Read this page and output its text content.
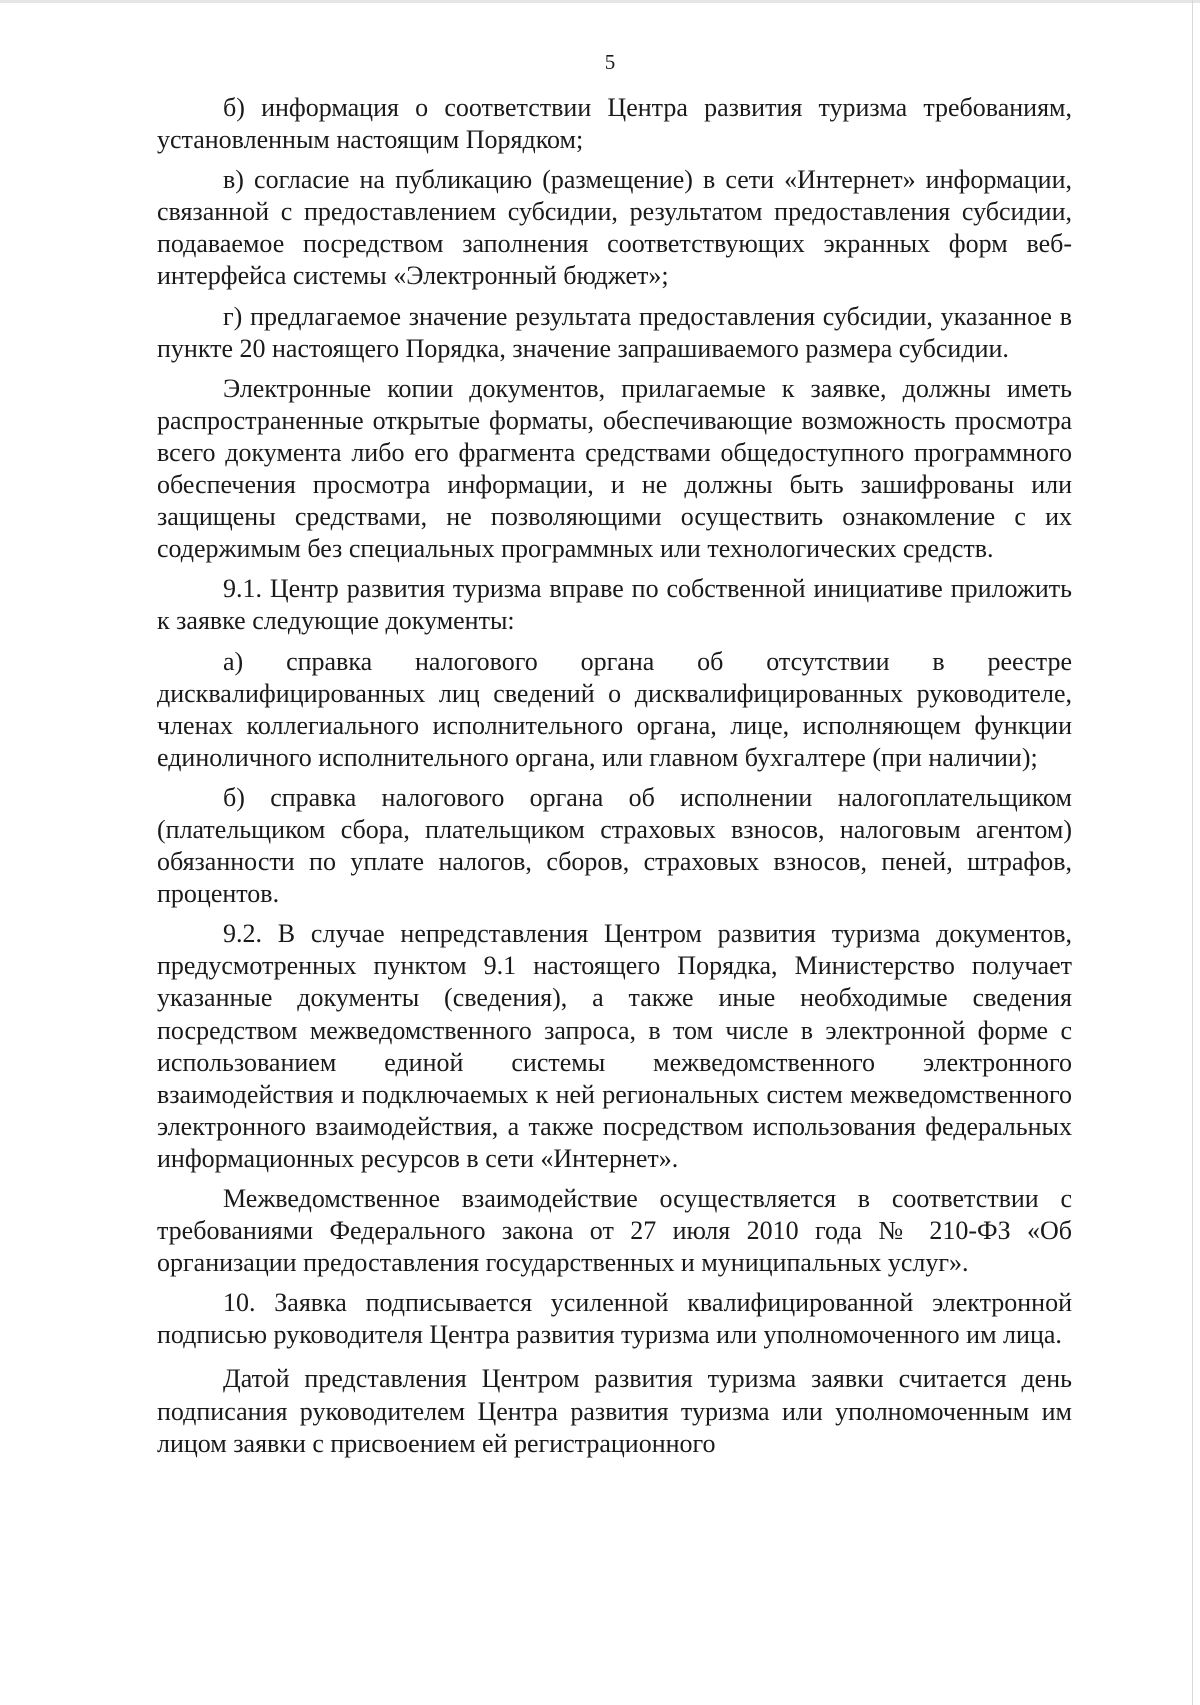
5

б) информация о соответствии Центра развития туризма требованиям, установленным настоящим Порядком;

в) согласие на публикацию (размещение) в сети «Интернет» информации, связанной с предоставлением субсидии, результатом предоставления субсидии, подаваемое посредством заполнения соответствующих экранных форм веб-интерфейса системы «Электронный бюджет»;

г) предлагаемое значение результата предоставления субсидии, указанное в пункте 20 настоящего Порядка, значение запрашиваемого размера субсидии.

Электронные копии документов, прилагаемые к заявке, должны иметь распространенные открытые форматы, обеспечивающие возможность просмотра всего документа либо его фрагмента средствами общедоступного программного обеспечения просмотра информации, и не должны быть зашифрованы или защищены средствами, не позволяющими осуществить ознакомление с их содержимым без специальных программных или технологических средств.

9.1. Центр развития туризма вправе по собственной инициативе приложить к заявке следующие документы:

а) справка налогового органа об отсутствии в реестре дисквалифицированных лиц сведений о дисквалифицированных руководителе, членах коллегиального исполнительного органа, лице, исполняющем функции единоличного исполнительного органа, или главном бухгалтере (при наличии);

б) справка налогового органа об исполнении налогоплательщиком (плательщиком сбора, плательщиком страховых взносов, налоговым агентом) обязанности по уплате налогов, сборов, страховых взносов, пеней, штрафов, процентов.

9.2. В случае непредставления Центром развития туризма документов, предусмотренных пунктом 9.1 настоящего Порядка, Министерство получает указанные документы (сведения), а также иные необходимые сведения посредством межведомственного запроса, в том числе в электронной форме с использованием единой системы межведомственного электронного взаимодействия и подключаемых к ней региональных систем межведомственного электронного взаимодействия, а также посредством использования федеральных информационных ресурсов в сети «Интернет».

Межведомственное взаимодействие осуществляется в соответствии с требованиями Федерального закона от 27 июля 2010 года № 210-ФЗ «Об организации предоставления государственных и муниципальных услуг».

10. Заявка подписывается усиленной квалифицированной электронной подписью руководителя Центра развития туризма или уполномоченного им лица.

Датой представления Центром развития туризма заявки считается день подписания руководителем Центра развития туризма или уполномоченным им лицом заявки с присвоением ей регистрационного
